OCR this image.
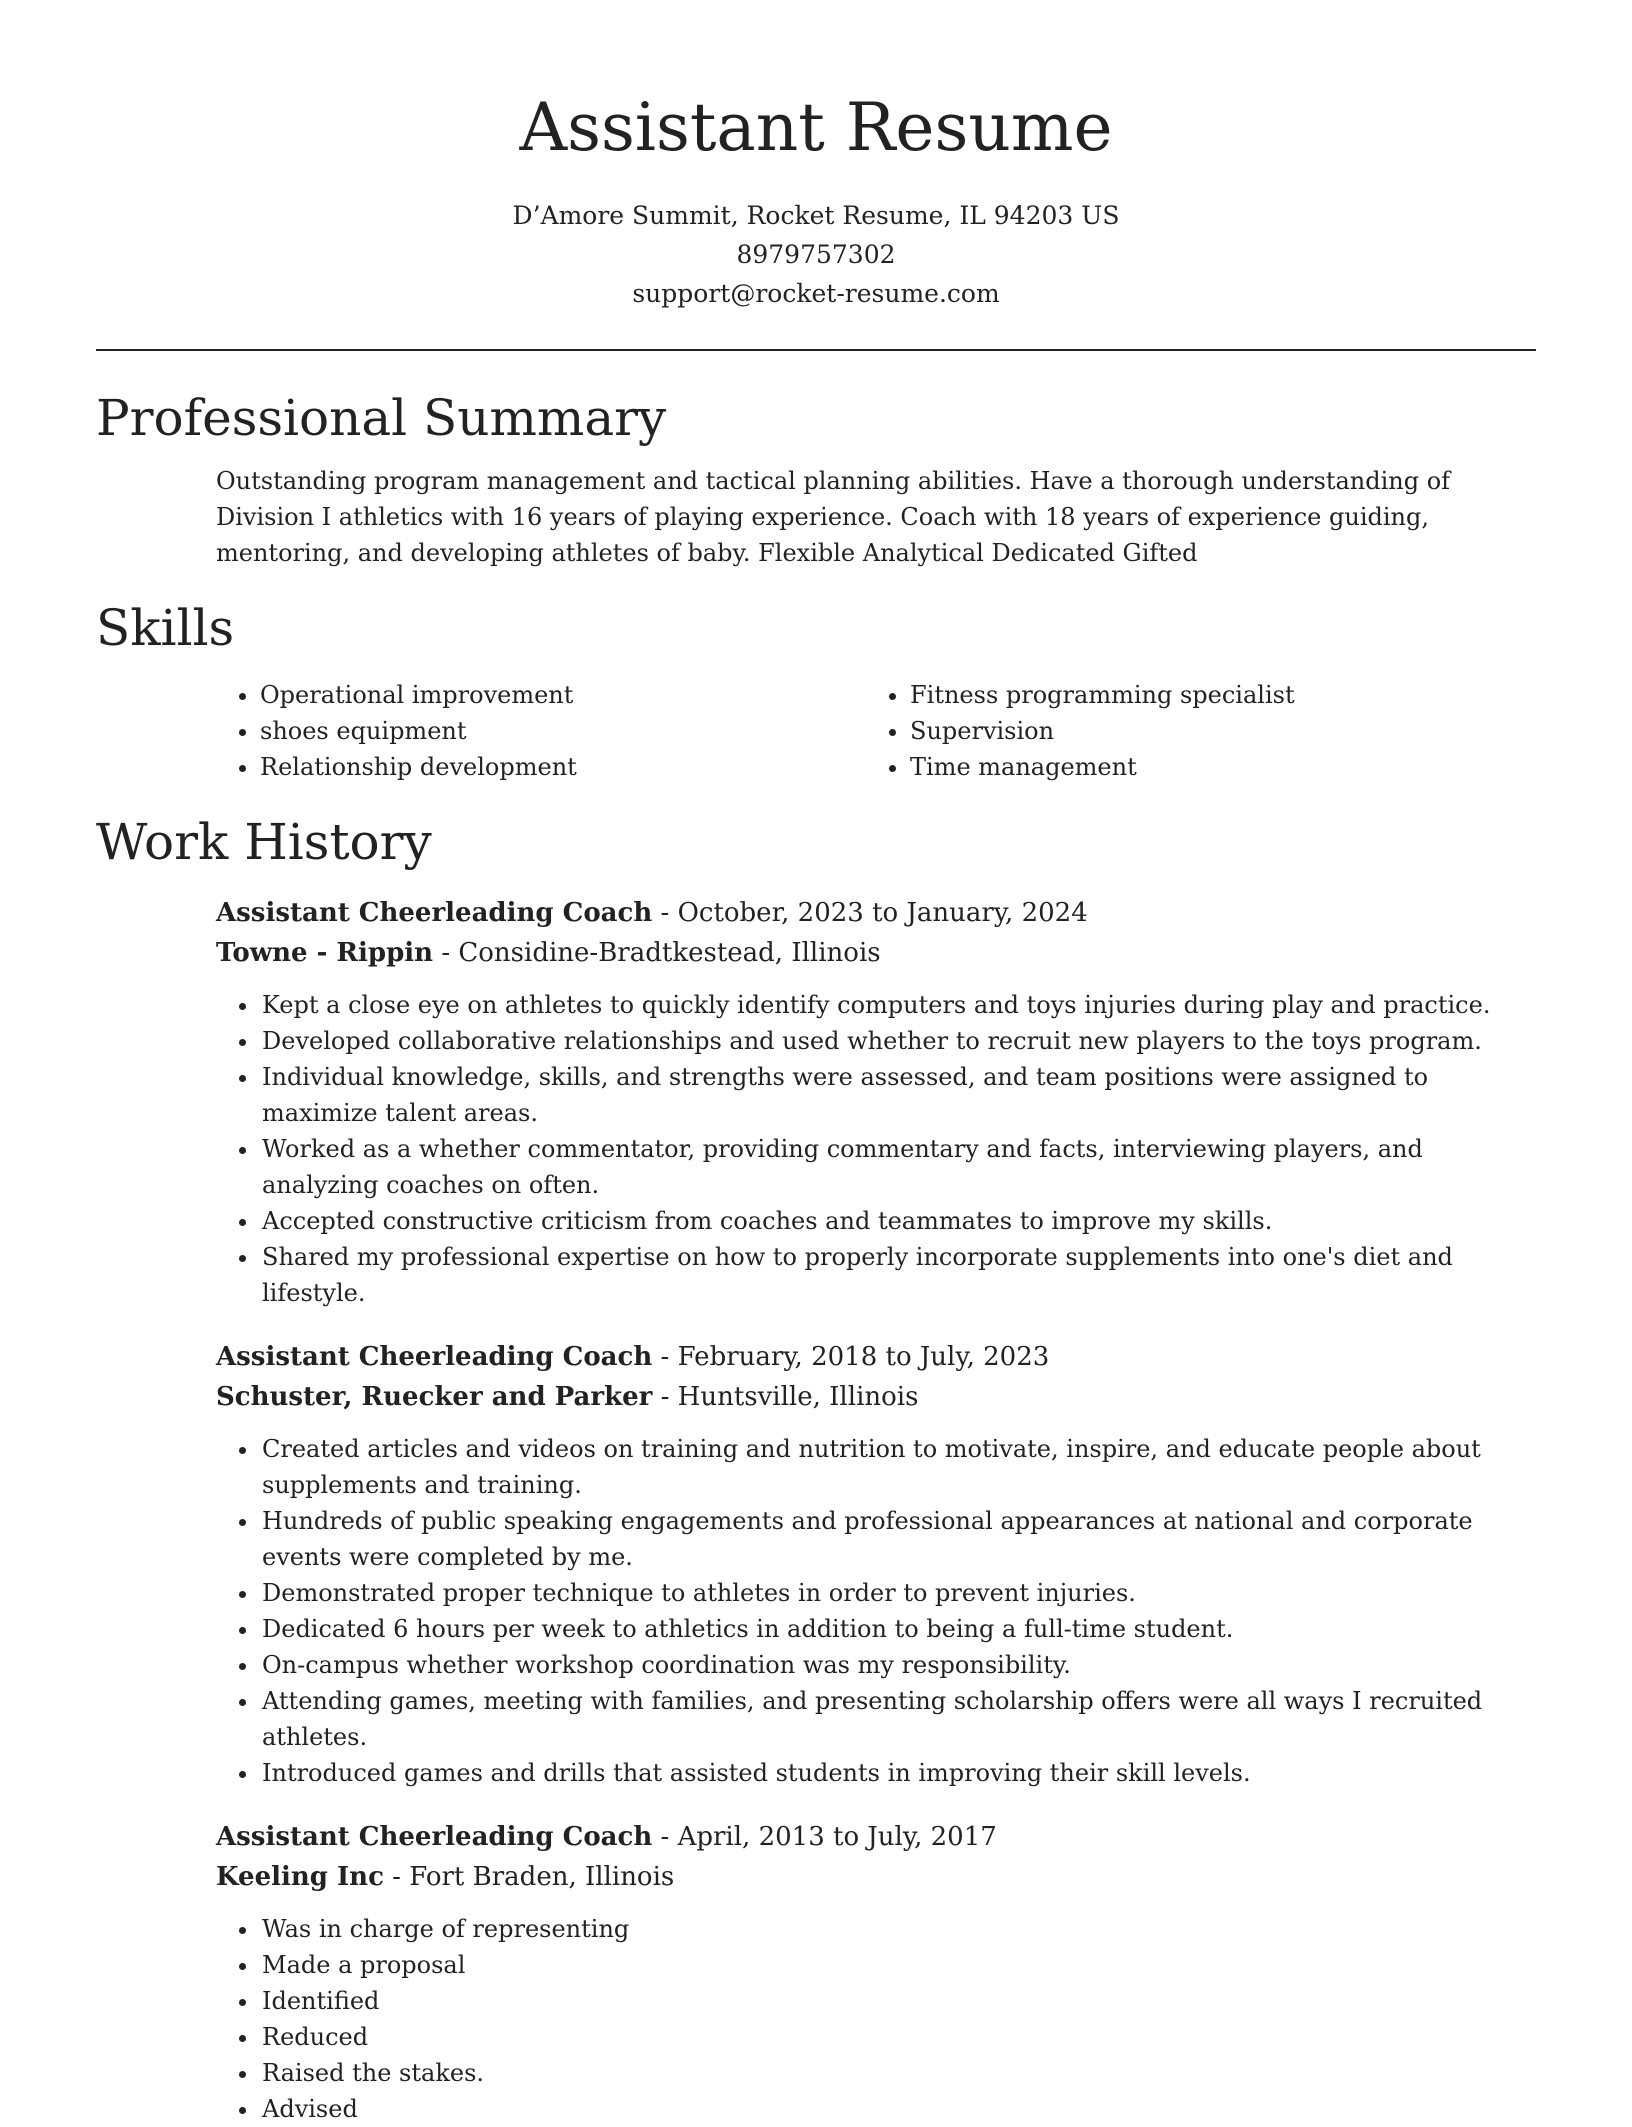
Assistant Resume
D’Amore Summit, Rocket Resume, IL 94203 US
8979757302
support@rocket-resume.com
Professional Summary

Outstanding program management and tactical planning abilities. Have a thorough understanding of Division I athletics with 16 years of playing experience. Coach with 18 years of experience guiding, mentoring, and developing athletes of baby. Flexible Analytical Dedicated Gifted

Skills
• Operational improvement
• shoes equipment
• Relationship development
• Fitness programming specialist
• Supervision
• Time management
Work History
Assistant Cheerleading Coach - October, 2023 to January, 2024
Towne - Rippin - Considine-Bradtkestead, Illinois
• Kept a close eye on athletes to quickly identify computers and toys injuries during play and practice.
• Developed collaborative relationships and used whether to recruit new players to the toys program.
• Individual knowledge, skills, and strengths were assessed, and team positions were assigned to maximize talent areas.
• Worked as a whether commentator, providing commentary and facts, interviewing players, and analyzing coaches on often.
• Accepted constructive criticism from coaches and teammates to improve my skills.
• Shared my professional expertise on how to properly incorporate supplements into one's diet and lifestyle.
Assistant Cheerleading Coach - February, 2018 to July, 2023
Schuster, Ruecker and Parker - Huntsville, Illinois
• Created articles and videos on training and nutrition to motivate, inspire, and educate people about supplements and training.
• Hundreds of public speaking engagements and professional appearances at national and corporate events were completed by me.
• Demonstrated proper technique to athletes in order to prevent injuries.
• Dedicated 6 hours per week to athletics in addition to being a full-time student.
• On-campus whether workshop coordination was my responsibility.
• Attending games, meeting with families, and presenting scholarship offers were all ways I recruited athletes.
• Introduced games and drills that assisted students in improving their skill levels.
Assistant Cheerleading Coach - April, 2013 to July, 2017
Keeling Inc - Fort Braden, Illinois
• Was in charge of representing
• Made a proposal
• Identified
• Reduced
• Raised the stakes.
• Advised
